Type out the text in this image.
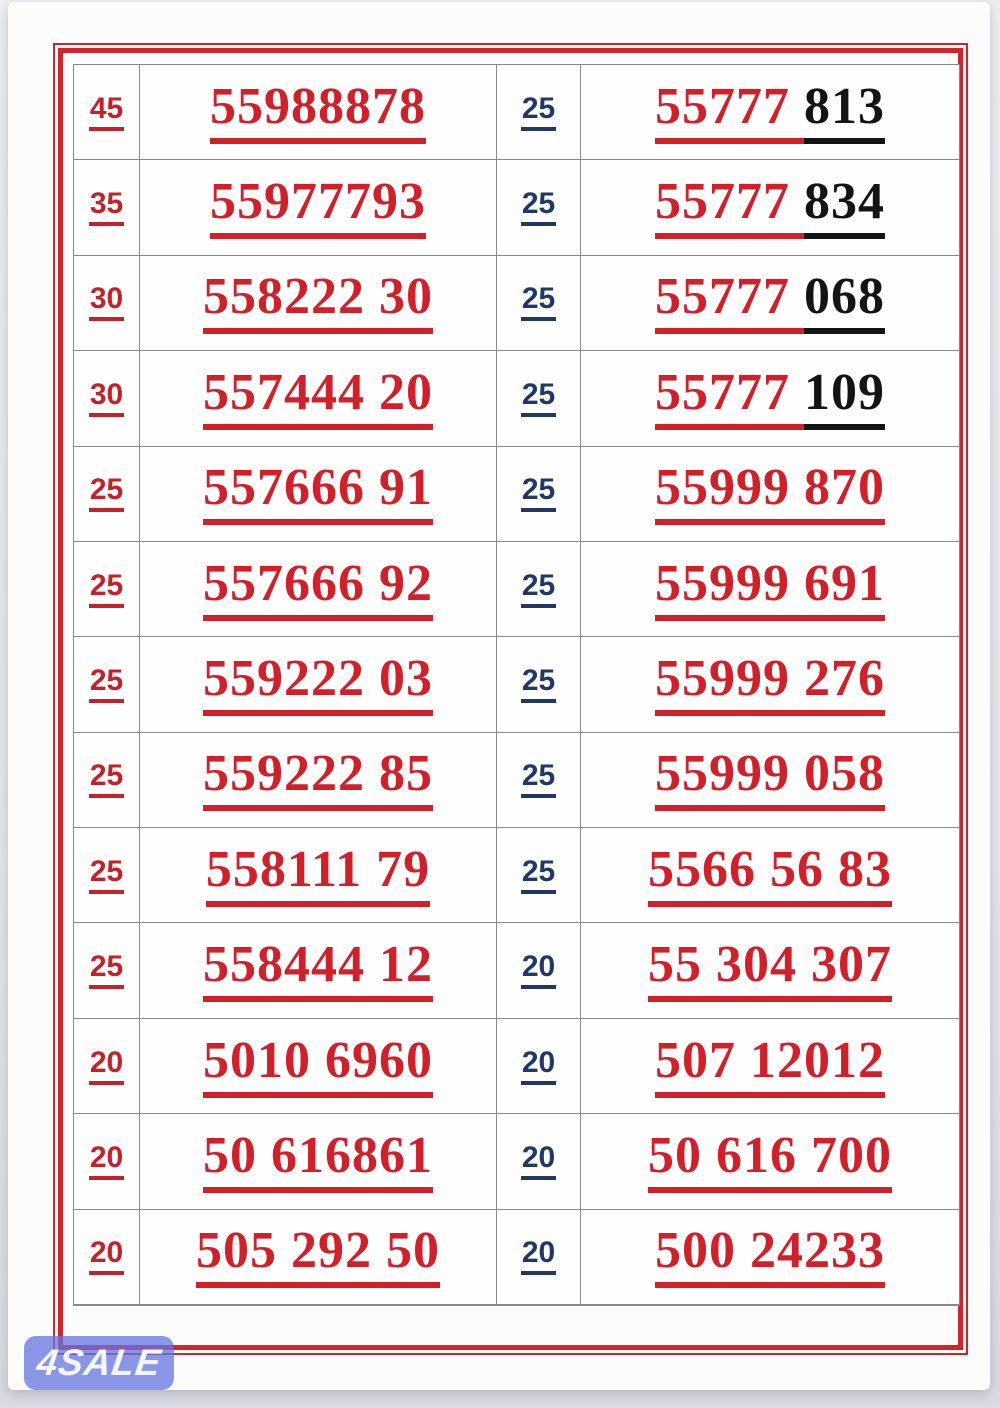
45 55988878	25 55777 813
35 55977793	25 55777 834
30 558222 30	25 55777 068
30 557444 20	25 55777 109
25 557666 91	25 55999 870
25 557666 92	25 55999 691
25 559222 03	25 55999 276
25 559222 85	25 55999 058
25 558111 79	25 5566 56 83
25 558444 12	20 55 304 307
20 5010 6960	20 507 12012
20 50 616861	20 50 616 700
20 505 292 50	20 500 24233
4SALE
